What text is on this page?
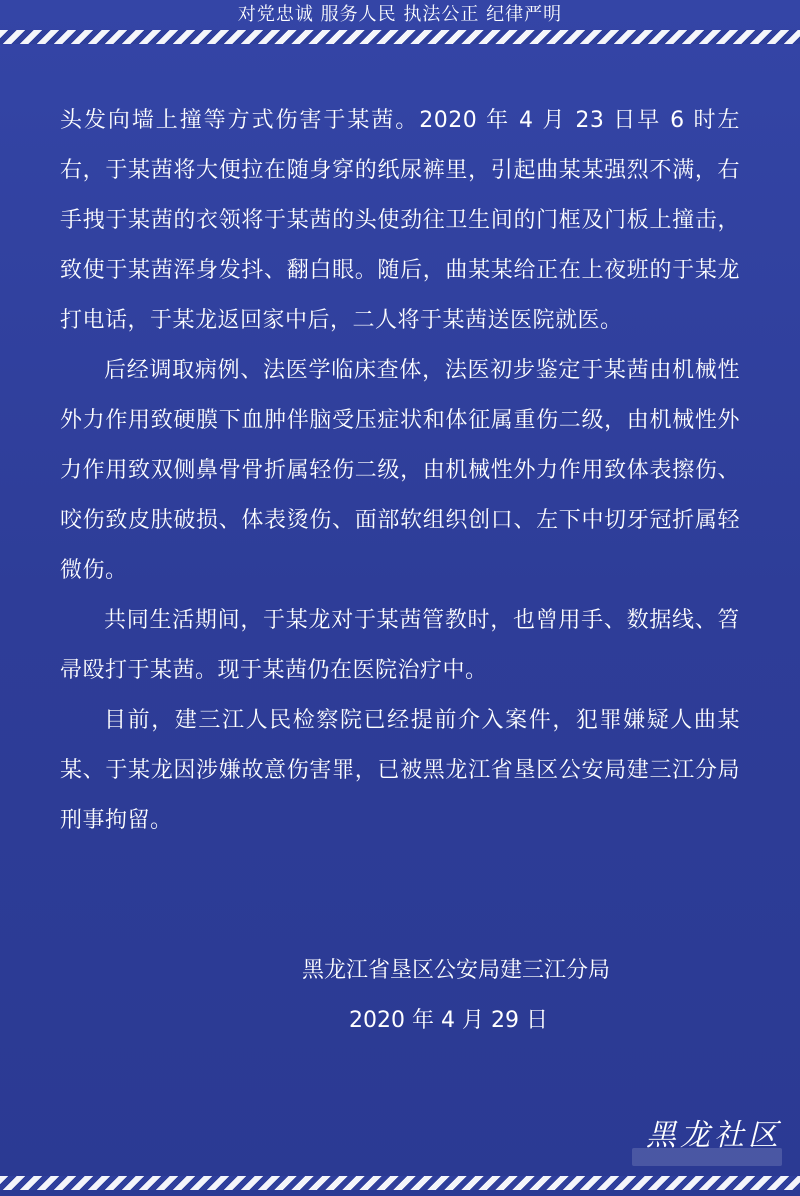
对党忠诚 服务人民 执法公正 纪律严明

头发向墙上撞等方式伤害于某茜。2020 年 4 月 23 日早 6 时左右，于某茜将大便拉在随身穿的纸尿裤里，引起曲某某强烈不满，右手拽于某茜的衣领将于某茜的头使劲往卫生间的门框及门板上撞击，致使于某茜浑身发抖、翻白眼。随后，曲某某给正在上夜班的于某龙打电话，于某龙返回家中后，二人将于某茜送医院就医。

后经调取病例、法医学临床查体，法医初步鉴定于某茜由机械性外力作用致硬膜下血肿伴脑受压症状和体征属重伤二级，由机械性外力作用致双侧鼻骨骨折属轻伤二级，由机械性外力作用致体表擦伤、咬伤致皮肤破损、体表烫伤、面部软组织创口、左下中切牙冠折属轻微伤。

共同生活期间，于某龙对于某茜管教时，也曾用手、数据线、笤帚殴打于某茜。现于某茜仍在医院治疗中。

目前，建三江人民检察院已经提前介入案件，犯罪嫌疑人曲某某、于某龙因涉嫌故意伤害罪，已被黑龙江省垦区公安局建三江分局刑事拘留。

黑龙江省垦区公安局建三江分局
2020 年 4 月 29 日
黑龙社区
